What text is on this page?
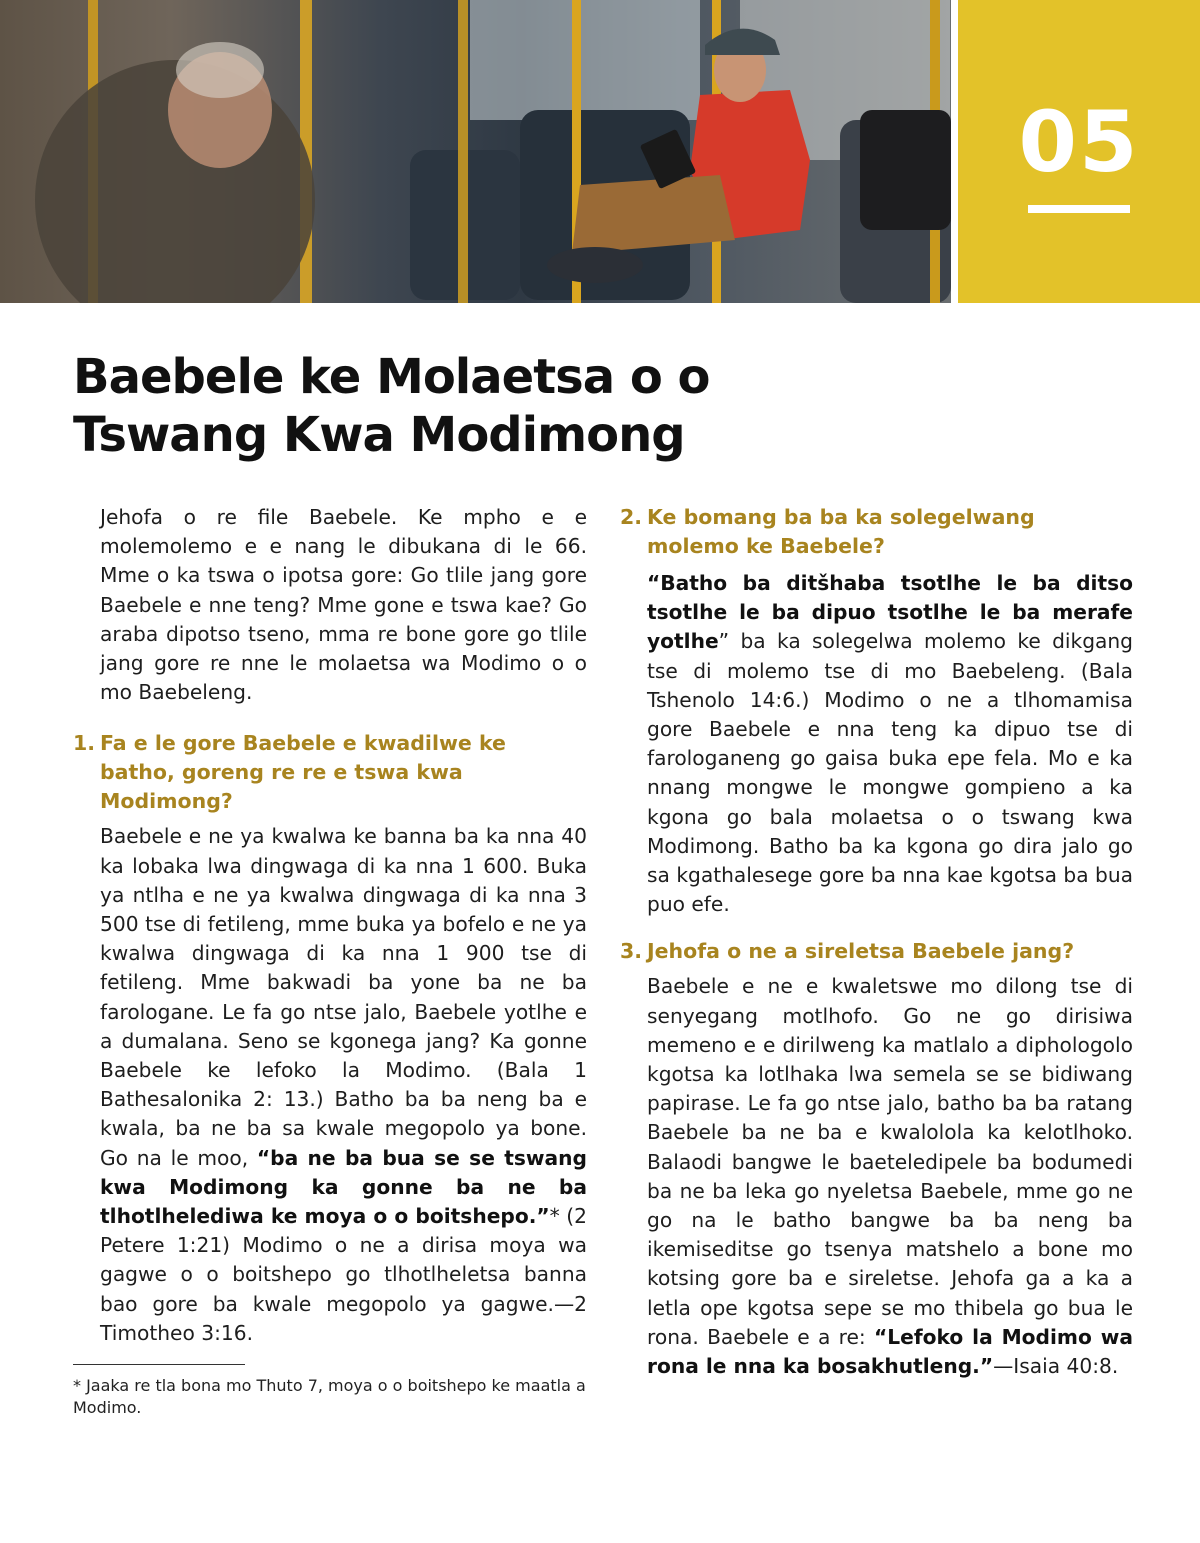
05
Baebele ke Molaetsa o o
Tswang Kwa Modimong

Jehofa o re file Baebele. Ke mpho e e molemolemo e e nang le dibukana di le 66. Mme o ka tswa o ipotsa gore: Go tlile jang gore Baebele e nne teng? Mme gone e tswa kae? Go araba dipotso tseno, mma re bone gore go tlile jang gore re nne le molaetsa wa Modimo o o mo Baebeleng.

1. Fa e le gore Baebele e kwadilwe ke batho, goreng re re e tswa kwa Modimong?

Baebele e ne ya kwalwa ke banna ba ka nna 40 ka lobaka lwa dingwaga di ka nna 1 600. Buka ya ntlha e ne ya kwalwa dingwaga di ka nna 3 500 tse di fetileng, mme buka ya bofelo e ne ya kwalwa dingwaga di ka nna 1 900 tse di fetileng. Mme bakwadi ba yone ba ne ba farologane. Le fa go ntse jalo, Baebele yotlhe e a dumalana. Seno se kgonega jang? Ka gonne Baebele ke lefoko la Modimo. (Bala 1 Bathesalonika 2: 13.) Batho ba ba neng ba e kwala, ba ne ba sa kwale megopolo ya bone. Go na le moo, “ba ne ba bua se se tswang kwa Modimong ka gonne ba ne ba tlhotlhelediwa ke moya o o boitshepo.”* (2 Petere 1:21) Modimo o ne a dirisa moya wa gagwe o o boitshepo go tlhotlheletsa banna bao gore ba kwale megopolo ya gagwe.—2 Timotheo 3:16.

* Jaaka re tla bona mo Thuto 7, moya o o boitshepo ke maatla a Modimo.

2. Ke bomang ba ba ka solegelwang molemo ke Baebele?

“Batho ba ditšhaba tsotlhe le ba ditso tsotlhe le ba dipuo tsotlhe le ba merafe yotlhe” ba ka solegelwa molemo ke dikgang tse di molemo tse di mo Baebeleng. (Bala Tshenolo 14:6.) Modimo o ne a tlhomamisa gore Baebele e nna teng ka dipuo tse di farologaneng go gaisa buka epe fela. Mo e ka nnang mongwe le mongwe gompieno a ka kgona go bala molaetsa o o tswang kwa Modimong. Batho ba ka kgona go dira jalo go sa kgathalesege gore ba nna kae kgotsa ba bua puo efe.

3. Jehofa o ne a sireletsa Baebele jang?

Baebele e ne e kwaletswe mo dilong tse di senyegang motlhofo. Go ne go dirisiwa memeno e e dirilweng ka matlalo a diphologolo kgotsa ka lotlhaka lwa semela se se bidiwang papirase. Le fa go ntse jalo, batho ba ba ratang Baebele ba ne ba e kwalolola ka kelotlhoko. Balaodi bangwe le baeteledipele ba bodumedi ba ne ba leka go nyeletsa Baebele, mme go ne go na le batho bangwe ba ba neng ba ikemiseditse go tsenya matshelo a bone mo kotsing gore ba e sireletse. Jehofa ga a ka a letla ope kgotsa sepe se mo thibela go bua le rona. Baebele e a re: “Lefoko la Modimo wa rona le nna ka bosakhutleng.”—Isaia 40:8.
